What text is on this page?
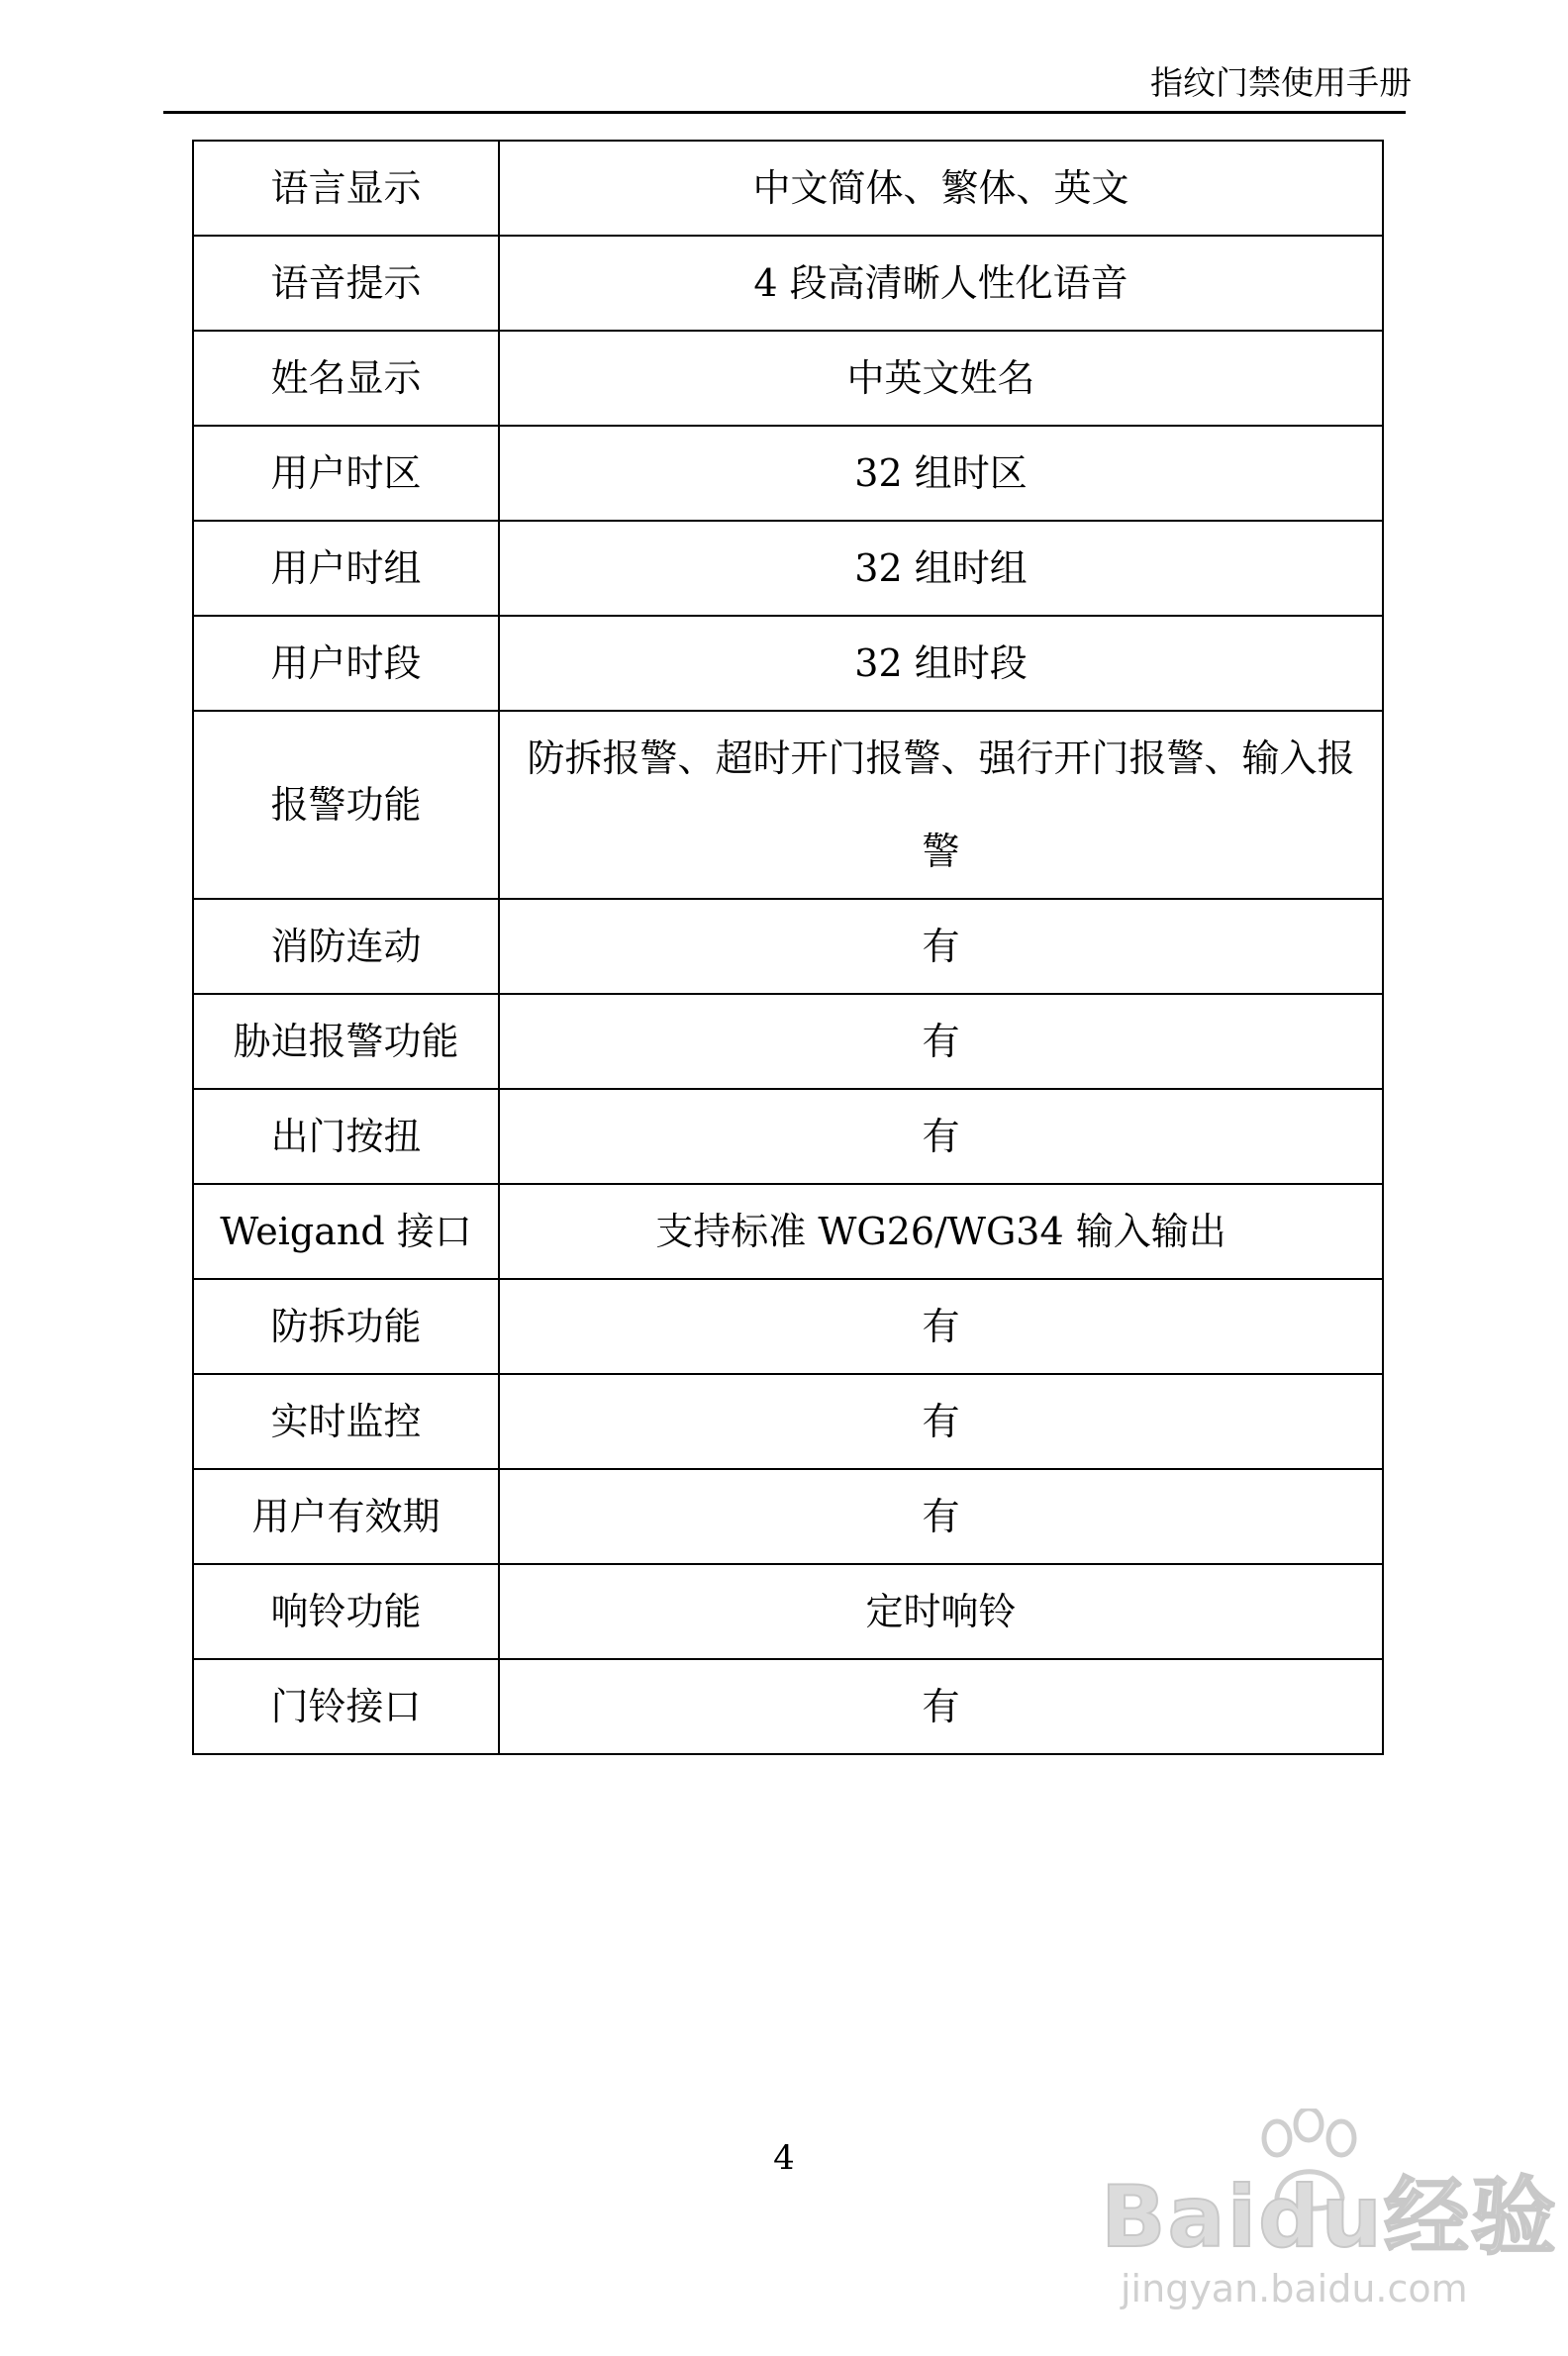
指纹门禁使用手册
语言显示	中文简体、繁体、英文
语音提示	4 段高清晰人性化语音
姓名显示	中英文姓名
用户时区	32 组时区
用户时组	32 组时组
用户时段	32 组时段
报警功能	防拆报警、超时开门报警、强行开门报警、输入报警
消防连动	有
胁迫报警功能	有
出门按扭	有
Weigand 接口	支持标准 WG26/WG34 输入输出
防拆功能	有
实时监控	有
用户有效期	有
响铃功能	定时响铃
门铃接口	有
4
Baidu经验
jingyan.baidu.com
